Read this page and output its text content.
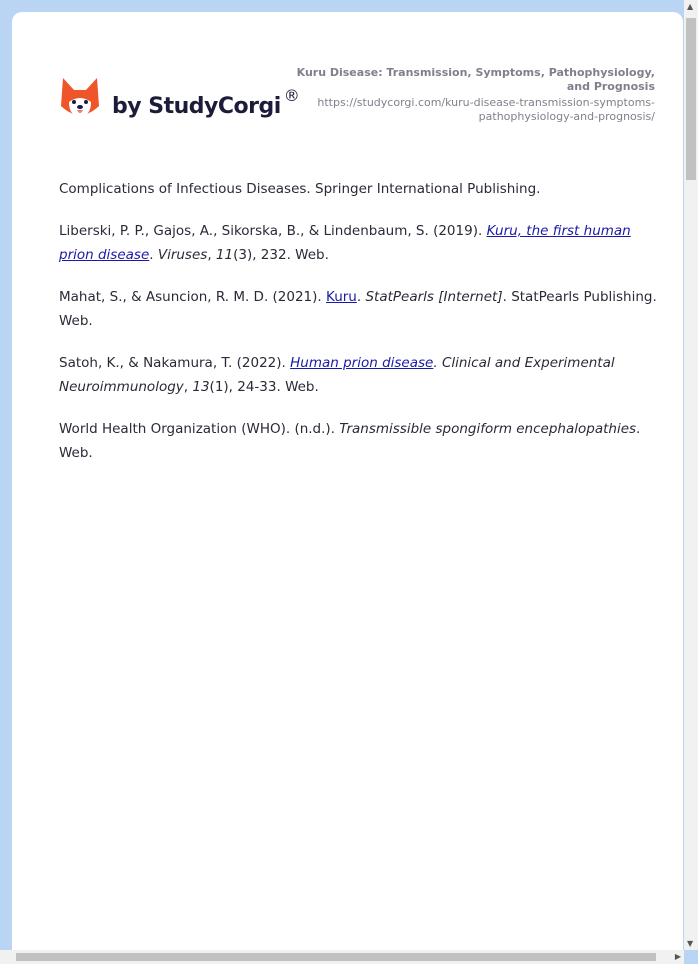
by StudyCorgi ®
Kuru Disease: Transmission, Symptoms, Pathophysiology, and Prognosis
https://studycorgi.com/kuru-disease-transmission-symptoms-pathophysiology-and-prognosis/

Complications of Infectious Diseases. Springer International Publishing.

Liberski, P. P., Gajos, A., Sikorska, B., & Lindenbaum, S. (2019). Kuru, the first human prion disease. Viruses, 11(3), 232. Web.

Mahat, S., & Asuncion, R. M. D. (2021). Kuru. StatPearls [Internet]. StatPearls Publishing. Web.

Satoh, K., & Nakamura, T. (2022). Human prion disease. Clinical and Experimental Neuroimmunology, 13(1), 24-33. Web.

World Health Organization (WHO). (n.d.). Transmissible spongiform encephalopathies. Web.

▲
▼
▶
